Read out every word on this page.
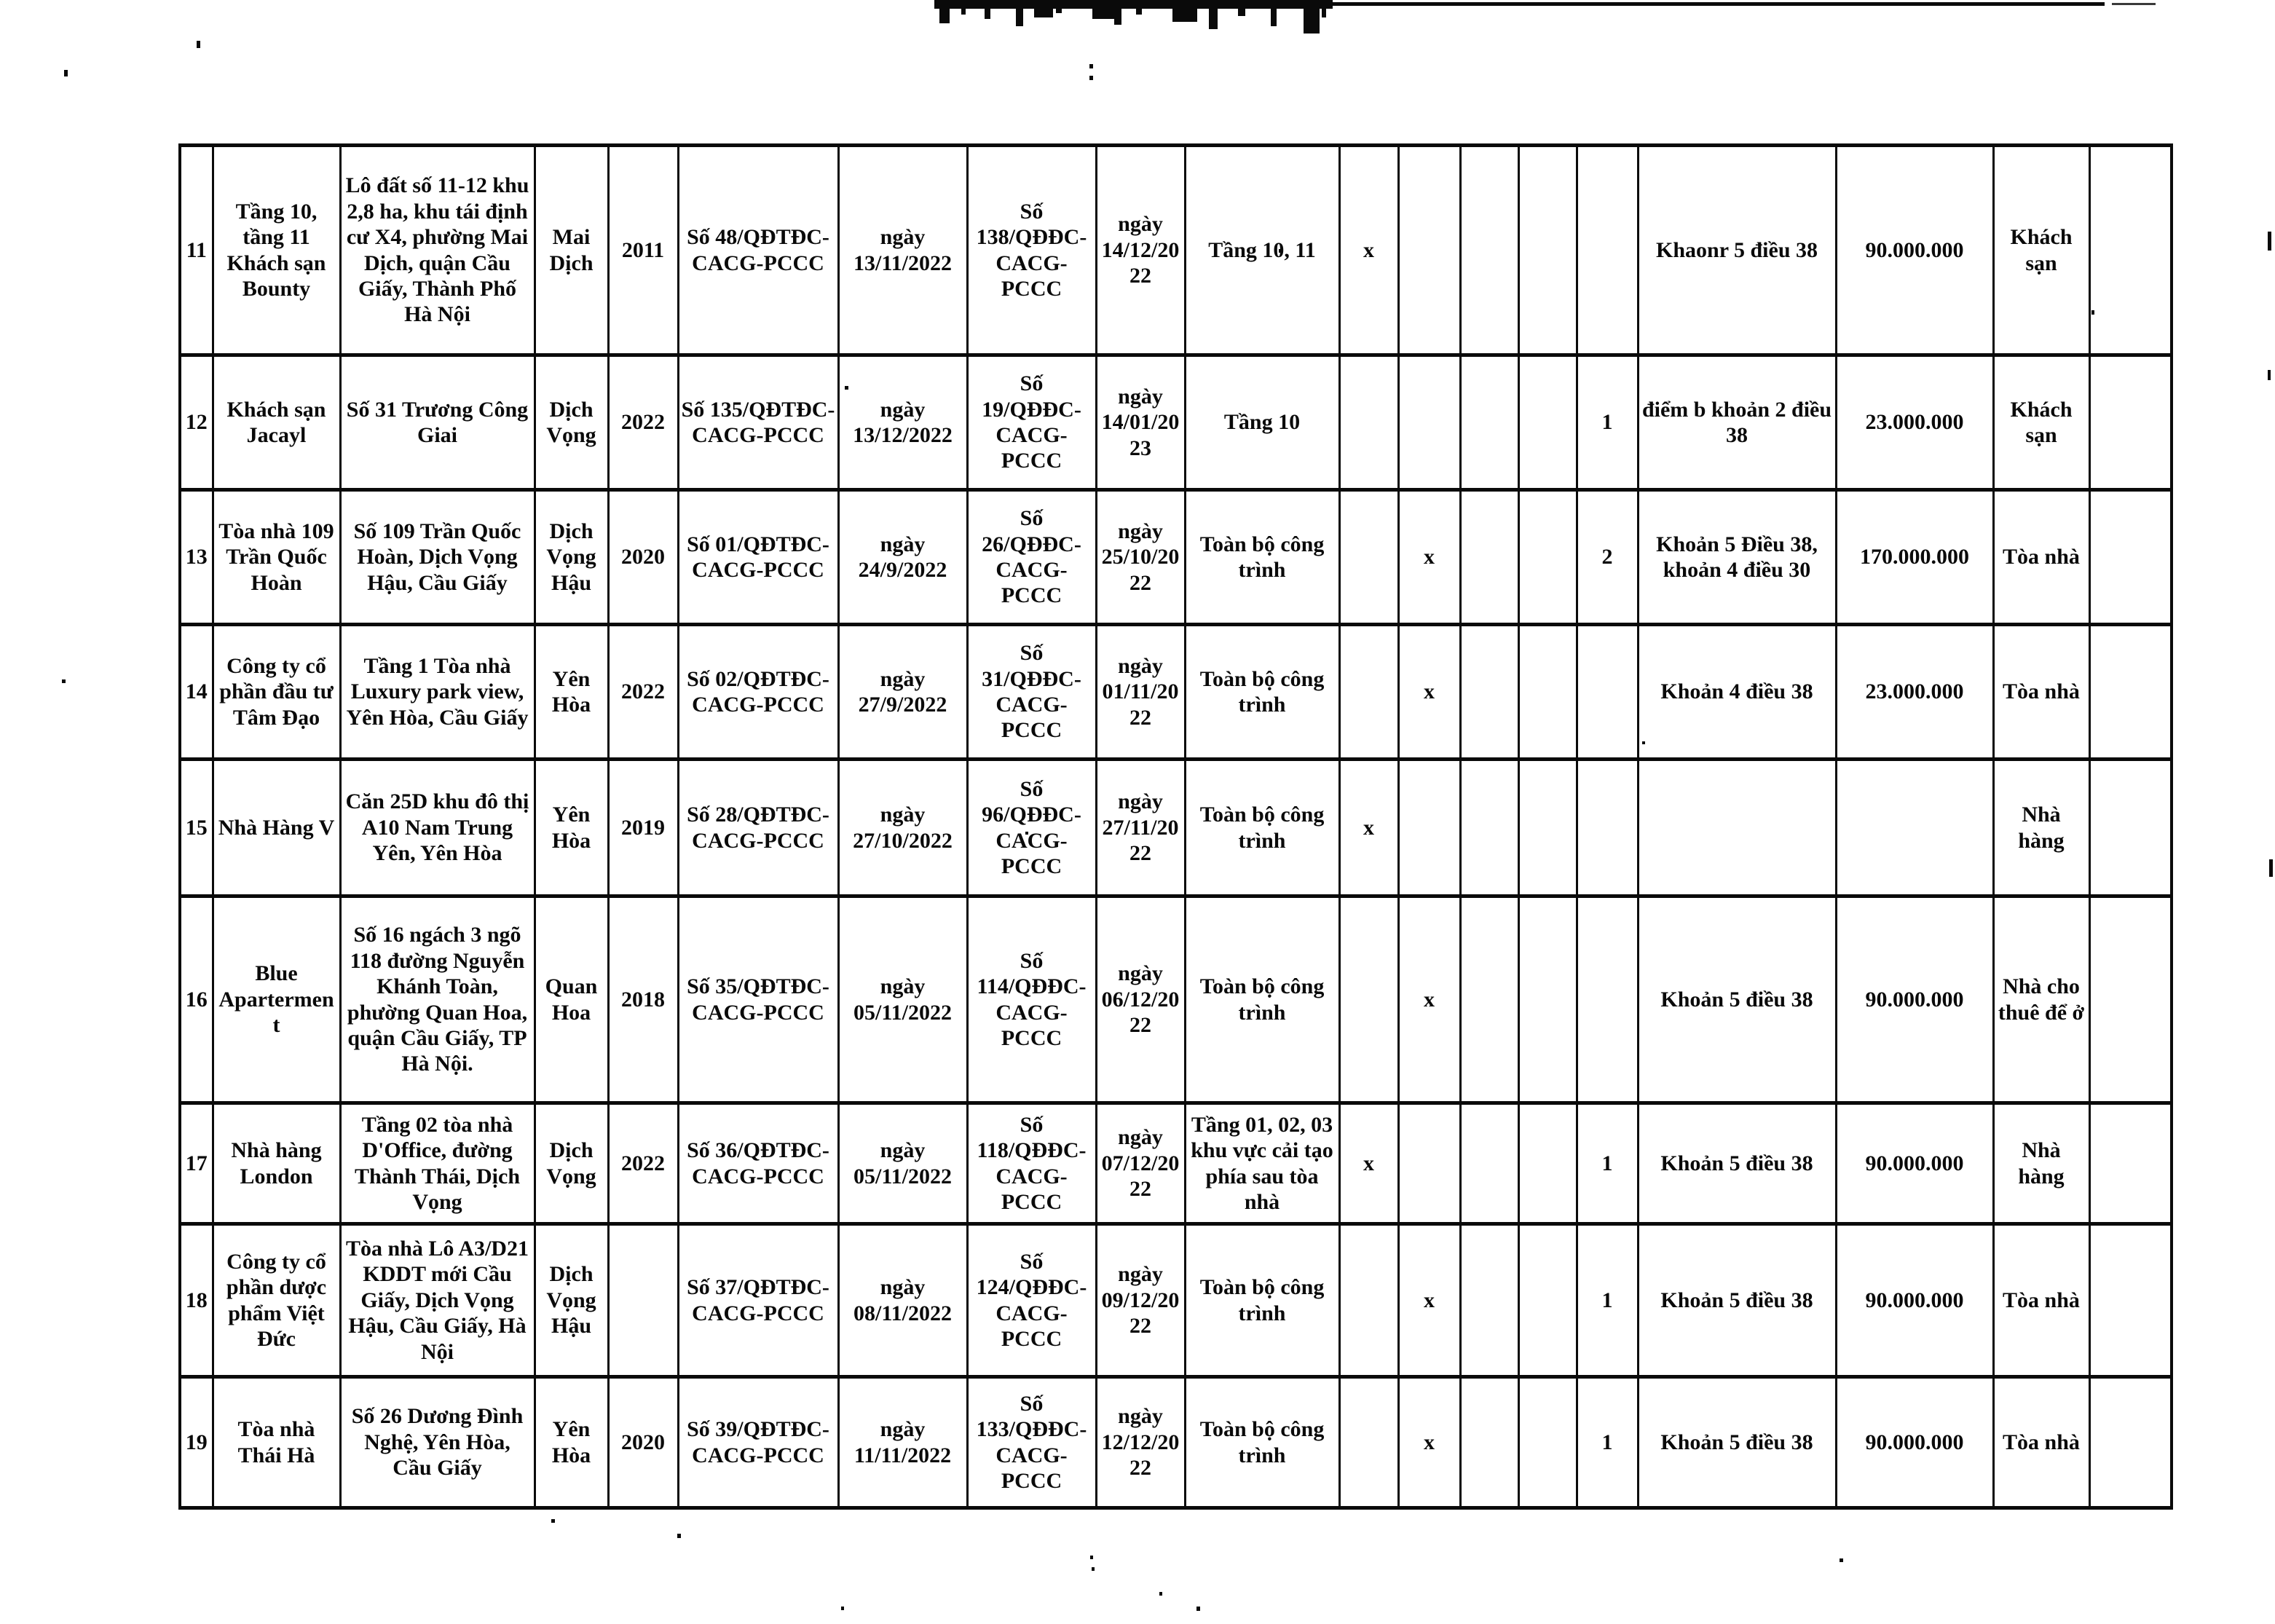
11	Tầng 10, tầng 11 Khách sạn Bounty	Lô đất số 11-12 khu 2,8 ha, khu tái định cư X4, phường Mai Dịch, quận Cầu Giấy, Thành Phố Hà Nội	Mai Dịch	2011	Số 48/QĐTĐC-CACG-PCCC	ngày 13/11/2022	Số 138/QĐĐC-CACG-PCCC	ngày 14/12/2022	Tầng 10, 11	x					Khaonr 5 điều 38	90.000.000	Khách sạn	
12	Khách sạn Jacayl	Số 31 Trương Công Giai	Dịch Vọng	2022	Số 135/QĐTĐC-CACG-PCCC	ngày 13/12/2022	Số 19/QĐĐC-CACG-PCCC	ngày 14/01/2023	Tầng 10					1	điểm b khoản 2 điều 38	23.000.000	Khách sạn	
13	Tòa nhà 109 Trần Quốc Hoàn	Số 109 Trần Quốc Hoàn, Dịch Vọng Hậu, Cầu Giấy	Dịch Vọng Hậu	2020	Số 01/QĐTĐC-CACG-PCCC	ngày 24/9/2022	Số 26/QĐĐC-CACG-PCCC	ngày 25/10/2022	Toàn bộ công trình		x			2	Khoản 5 Điều 38, khoản 4 điều 30	170.000.000	Tòa nhà	
14	Công ty cổ phần đầu tư Tâm Đạo	Tầng 1 Tòa nhà Luxury park view, Yên Hòa, Cầu Giấy	Yên Hòa	2022	Số 02/QĐTĐC-CACG-PCCC	ngày 27/9/2022	Số 31/QĐĐC-CACG-PCCC	ngày 01/11/2022	Toàn bộ công trình		x				Khoản 4 điều 38	23.000.000	Tòa nhà	
15	Nhà Hàng V	Căn 25D khu đô thị A10 Nam Trung Yên, Yên Hòa	Yên Hòa	2019	Số 28/QĐTĐC-CACG-PCCC	ngày 27/10/2022	Số 96/QĐĐC-CACG-PCCC	ngày 27/11/2022	Toàn bộ công trình	x							Nhà hàng	
16	Blue Aparterment	Số 16 ngách 3 ngõ 118 đường Nguyễn Khánh Toàn, phường Quan Hoa, quận Cầu Giấy, TP Hà Nội.	Quan Hoa	2018	Số 35/QĐTĐC-CACG-PCCC	ngày 05/11/2022	Số 114/QĐĐC-CACG-PCCC	ngày 06/12/2022	Toàn bộ công trình		x				Khoản 5 điều 38	90.000.000	Nhà cho thuê để ở	
17	Nhà hàng London	Tầng 02 tòa nhà D'Office, đường Thành Thái, Dịch Vọng	Dịch Vọng	2022	Số 36/QĐTĐC-CACG-PCCC	ngày 05/11/2022	Số 118/QĐĐC-CACG-PCCC	ngày 07/12/2022	Tầng 01, 02, 03 khu vực cải tạo phía sau tòa nhà	x				1	Khoản 5 điều 38	90.000.000	Nhà hàng	
18	Công ty cổ phần dược phẩm Việt Đức	Tòa nhà Lô A3/D21 KDDT mới Cầu Giấy, Dịch Vọng Hậu, Cầu Giấy, Hà Nội	Dịch Vọng Hậu		Số 37/QĐTĐC-CACG-PCCC	ngày 08/11/2022	Số 124/QĐĐC-CACG-PCCC	ngày 09/12/2022	Toàn bộ công trình		x			1	Khoản 5 điều 38	90.000.000	Tòa nhà	
19	Tòa nhà Thái Hà	Số 26 Dương Đình Nghệ, Yên Hòa, Cầu Giấy	Yên Hòa	2020	Số 39/QĐTĐC-CACG-PCCC	ngày 11/11/2022	Số 133/QĐĐC-CACG-PCCC	ngày 12/12/2022	Toàn bộ công trình		x			1	Khoản 5 điều 38	90.000.000	Tòa nhà	
